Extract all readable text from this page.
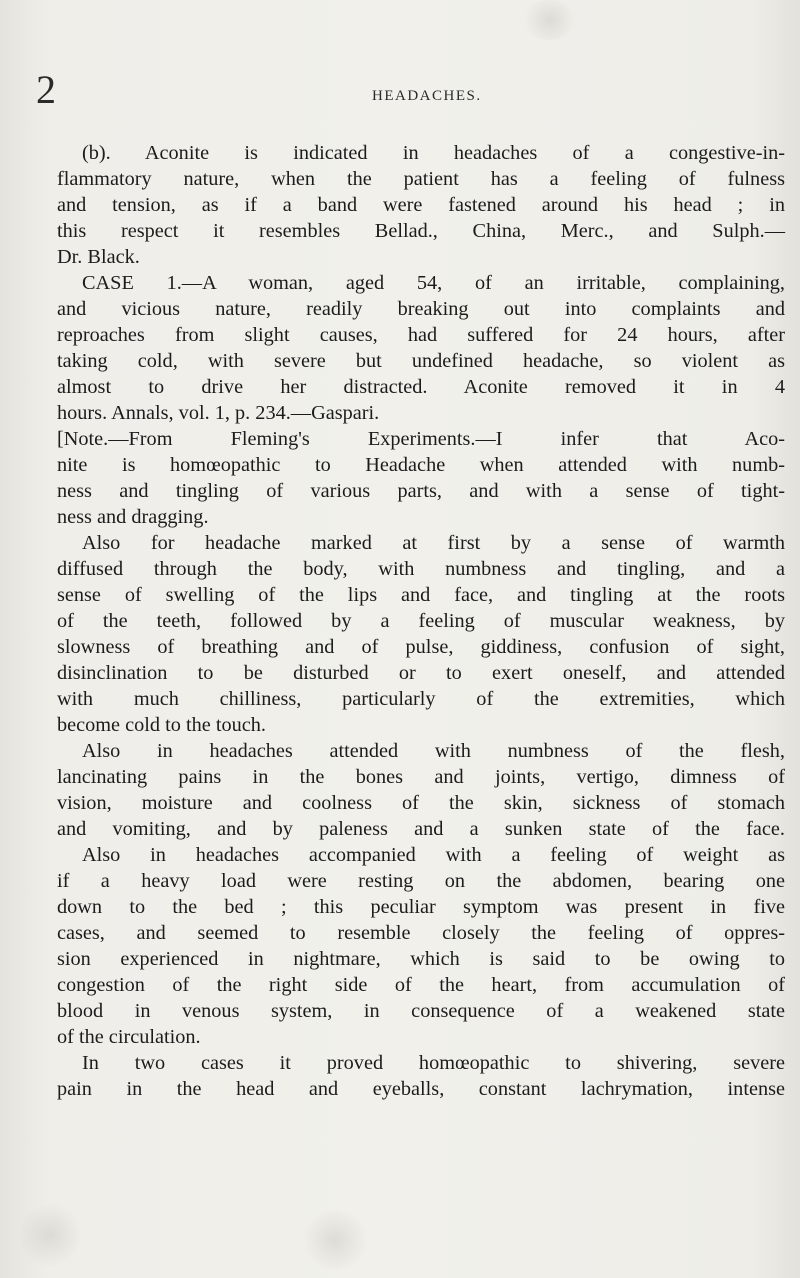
2	HEADACHES.
(b). Aconite is indicated in headaches of a congestive-in-
flammatory nature, when the patient has a feeling of fulness
and tension, as if a band were fastened around his head ; in
this respect it resembles Bellad., China, Merc., and Sulph.—
Dr. Black.
CASE 1.—A woman, aged 54, of an irritable, complaining,
and vicious nature, readily breaking out into complaints and
reproaches from slight causes, had suffered for 24 hours, after
taking cold, with severe but undefined headache, so violent as
almost to drive her distracted. Aconite removed it in 4
hours. Annals, vol. 1, p. 234.—Gaspari.
[Note.—From Fleming's Experiments.—I infer that Aco-
nite is homœopathic to Headache when attended with numb-
ness and tingling of various parts, and with a sense of tight-
ness and dragging.
Also for headache marked at first by a sense of warmth
diffused through the body, with numbness and tingling, and a
sense of swelling of the lips and face, and tingling at the roots
of the teeth, followed by a feeling of muscular weakness, by
slowness of breathing and of pulse, giddiness, confusion of sight,
disinclination to be disturbed or to exert oneself, and attended
with much chilliness, particularly of the extremities, which
become cold to the touch.
Also in headaches attended with numbness of the flesh,
lancinating pains in the bones and joints, vertigo, dimness of
vision, moisture and coolness of the skin, sickness of stomach
and vomiting, and by paleness and a sunken state of the face.
Also in headaches accompanied with a feeling of weight as
if a heavy load were resting on the abdomen, bearing one
down to the bed ; this peculiar symptom was present in five
cases, and seemed to resemble closely the feeling of oppres-
sion experienced in nightmare, which is said to be owing to
congestion of the right side of the heart, from accumulation of
blood in venous system, in consequence of a weakened state
of the circulation.
In two cases it proved homœopathic to shivering, severe
pain in the head and eyeballs, constant lachrymation, intense
